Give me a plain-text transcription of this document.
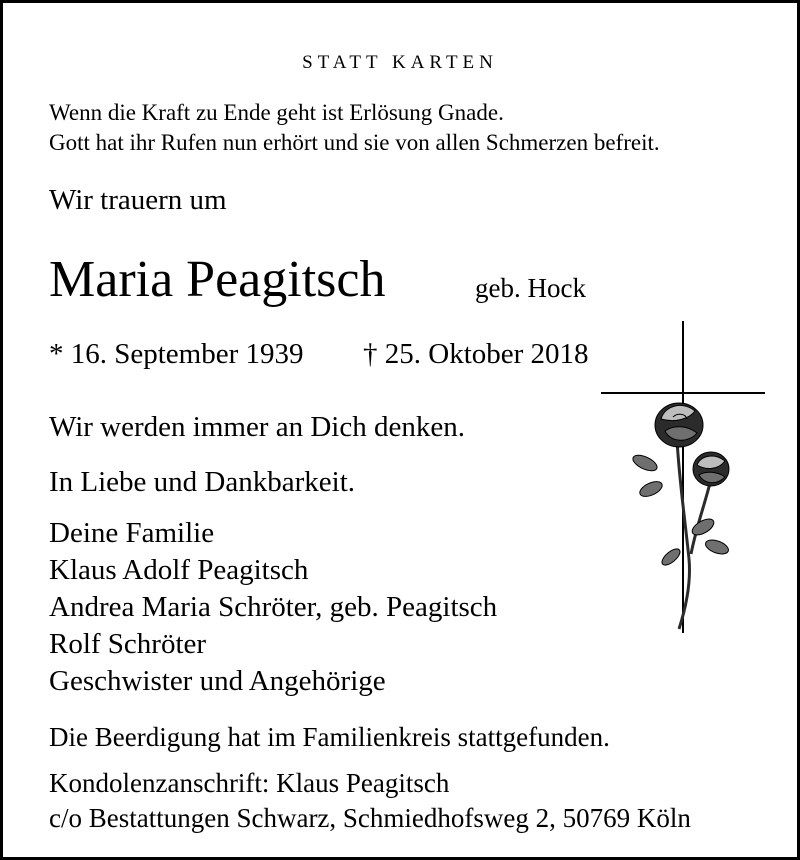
STATT KARTEN
Wenn die Kraft zu Ende geht ist Erlösung Gnade.
Gott hat ihr Rufen nun erhört und sie von allen Schmerzen befreit.
Wir trauern um
Maria Peagitsch	geb. Hock
* 16. September 1939 † 25. Oktober 2018
Wir werden immer an Dich denken.
In Liebe und Dankbarkeit.
Deine Familie
Klaus Adolf Peagitsch
Andrea Maria Schröter, geb. Peagitsch
Rolf Schröter
Geschwister und Angehörige
Die Beerdigung hat im Familienkreis stattgefunden.
Kondolenzanschrift: Klaus Peagitsch
c/o Bestattungen Schwarz, Schmiedhofsweg 2, 50769 Köln
